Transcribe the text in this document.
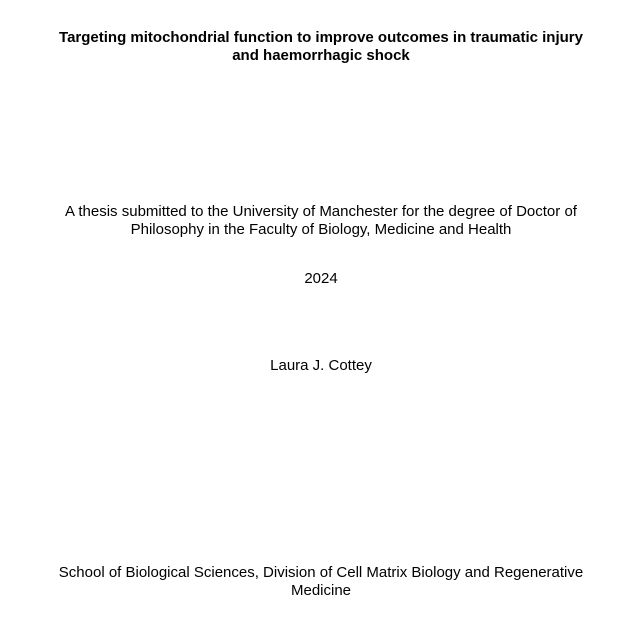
Targeting mitochondrial function to improve outcomes in traumatic injury
and haemorrhagic shock
A thesis submitted to the University of Manchester for the degree of Doctor of
Philosophy in the Faculty of Biology, Medicine and Health
2024
Laura J. Cottey
School of Biological Sciences, Division of Cell Matrix Biology and Regenerative
Medicine
